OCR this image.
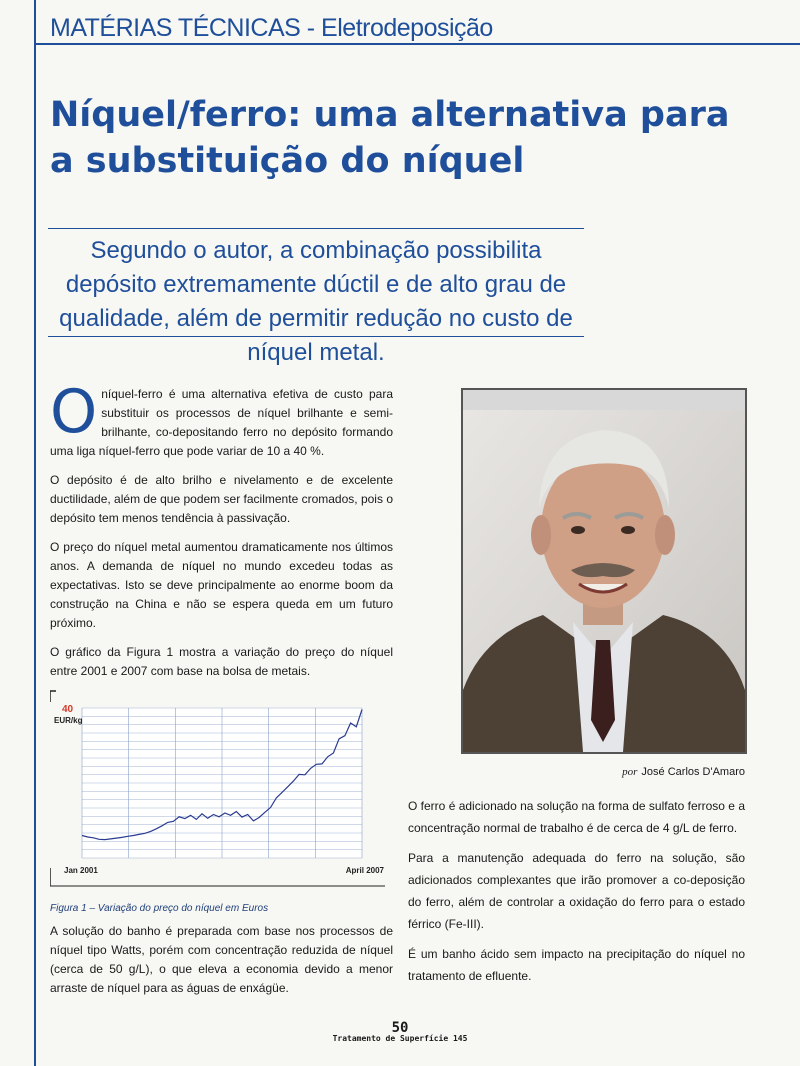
MATÉRIAS TÉCNICAS - Eletrodeposição
Níquel/ferro: uma alternativa para a substituição do níquel
Segundo o autor, a combinação possibilita depósito extremamente dúctil e de alto grau de qualidade, além de permitir redução no custo de níquel metal.

Oníquel-ferro é uma alternativa efetiva de custo para substituir os processos de níquel brilhante e semi-brilhante, co-depositando ferro no depósito formando uma liga níquel-ferro que pode variar de 10 a 40 %.

O depósito é de alto brilho e nivelamento e de excelente ductilidade, além de que podem ser facilmente cromados, pois o depósito tem menos tendência à passivação.

O preço do níquel metal aumentou dramaticamente nos últimos anos. A demanda de níquel no mundo excedeu todas as expectativas. Isto se deve principalmente ao enorme boom da construção na China e não se espera queda em um futuro próximo.

O gráfico da Figura 1 mostra a variação do preço do níquel entre 2001 e 2007 com base na bolsa de metais.

40
EUR/kg
Jan 2001	April 2007
Figura 1 – Variação do preço do níquel em Euros
A solução do banho é preparada com base nos processos de níquel tipo Watts, porém com concentração reduzida de níquel (cerca de 50 g/L), o que eleva a economia devido a menor arraste de níquel para as águas de enxágüe.
por José Carlos D'Amaro

O ferro é adicionado na solução na forma de sulfato ferroso e a concentração normal de trabalho é de cerca de 4 g/L de ferro.

Para a manutenção adequada do ferro na solução, são adicionados complexantes que irão promover a co-deposição do ferro, além de controlar a oxidação do ferro para o estado férrico (Fe-III).

É um banho ácido sem impacto na precipitação do níquel no tratamento de efluente.

50
Tratamento de Superfície 145
